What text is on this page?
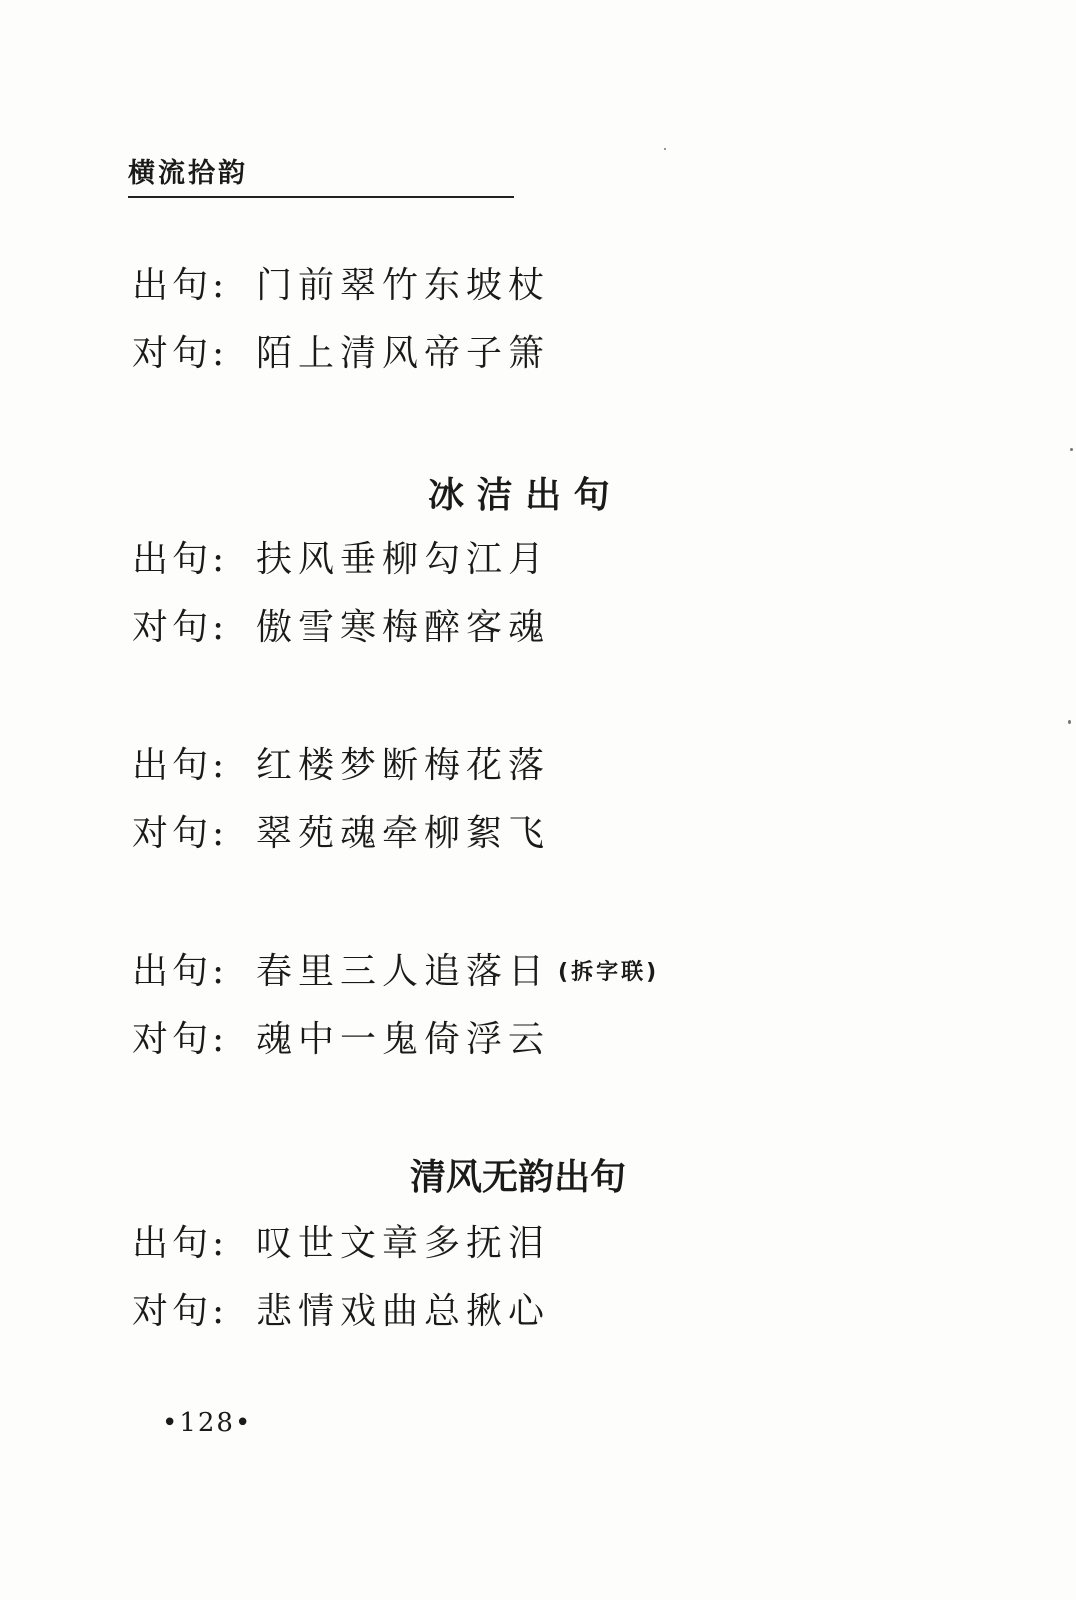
横流拾韵
出句: 门前翠竹东坡杖
对句: 陌上清风帝子箫
冰 洁 出 句
出句: 扶风垂柳勾江月
对句: 傲雪寒梅醉客魂
出句: 红楼梦断梅花落
对句: 翠苑魂牵柳絮飞
出句: 春里三人追落日 (拆字联)
对句: 魂中一鬼倚浮云
清风无韵出句
出句: 叹世文章多抚泪
对句: 悲情戏曲总揪心
•128•
